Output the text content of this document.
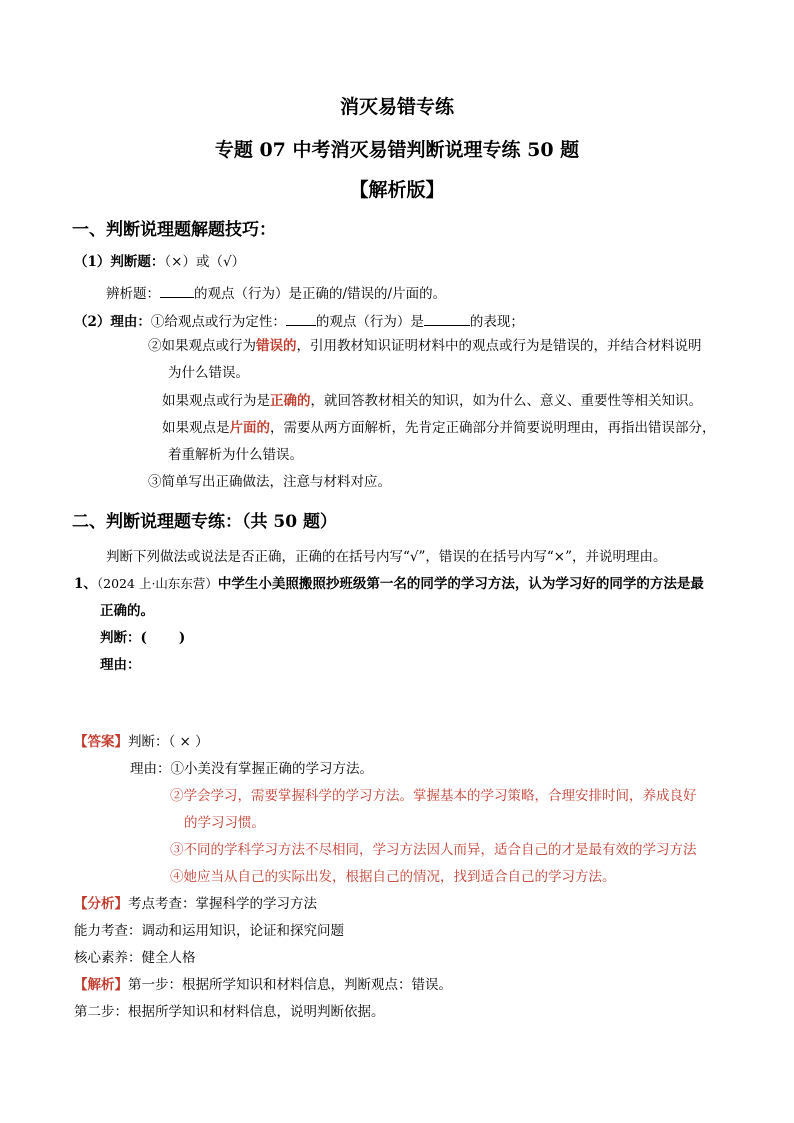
消灭易错专练
专题 07 中考消灭易错判断说理专练 50 题
【解析版】
一、判断说理题解题技巧：
（1）判断题：（×）或（√）
辨析题：	的观点（行为）是正确的/错误的/片面的。
（2）理由：①给观点或行为定性： 的观点（行为）是	的表现；
②如果观点或行为错误的，引用教材知识证明材料中的观点或行为是错误的，并结合材料说明
为什么错误。
如果观点或行为是正确的，就回答教材相关的知识，如为什么、意义、重要性等相关知识。
如果观点是片面的，需要从两方面解析，先肯定正确部分并简要说明理由，再指出错误部分，
着重解析为什么错误。
③简单写出正确做法，注意与材料对应。
二、判断说理题专练：（共 50 题）
判断下列做法或说法是否正确，正确的在括号内写“√”，错误的在括号内写“×”，并说明理由。
1、（2024 上·山东东营）中学生小美照搬照抄班级第一名的同学的学习方法，认为学习好的同学的方法是最
正确的。
判断：( )
理由：
【答案】判断：（ × ）
理由：①小美没有掌握正确的学习方法。
②学会学习，需要掌握科学的学习方法。掌握基本的学习策略，合理安排时间，养成良好
的学习习惯。
③不同的学科学习方法不尽相同，学习方法因人而异，适合自己的才是最有效的学习方法
④她应当从自己的实际出发，根据自己的情况，找到适合自己的学习方法。
【分析】考点考查：掌握科学的学习方法
能力考查：调动和运用知识，论证和探究问题
核心素养：健全人格
【解析】第一步：根据所学知识和材料信息，判断观点：错误。
第二步：根据所学知识和材料信息，说明判断依据。
